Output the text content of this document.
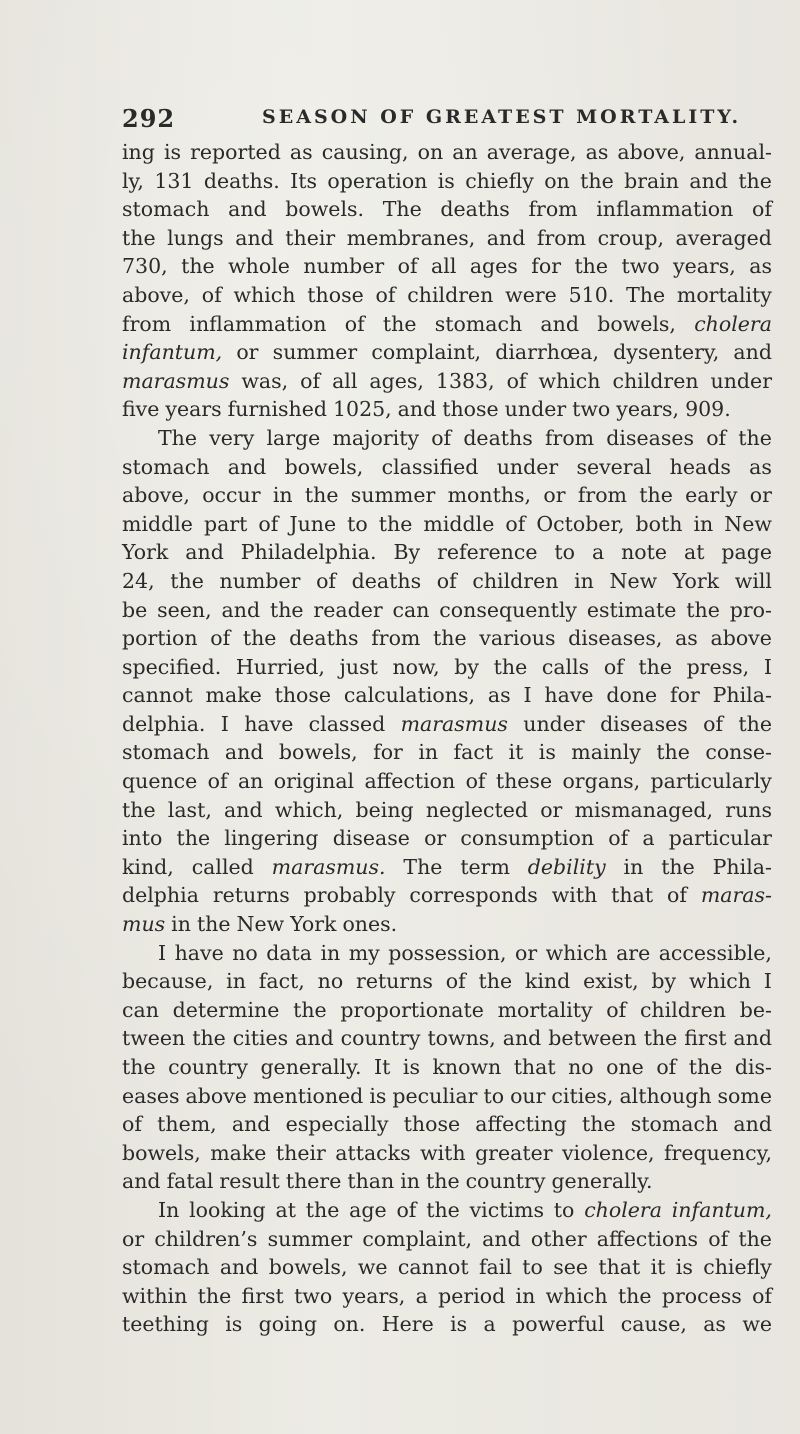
292	SEASON OF GREATEST MORTALITY.
ing is reported as causing, on an average, as above, annual-
ly, 131 deaths. Its operation is chiefly on the brain and the
stomach and bowels. The deaths from inflammation of
the lungs and their membranes, and from croup, averaged
730, the whole number of all ages for the two years, as
above, of which those of children were 510. The mortality
from inflammation of the stomach and bowels, cholera
infantum, or summer complaint, diarrhœa, dysentery, and
marasmus was, of all ages, 1383, of which children under
five years furnished 1025, and those under two years, 909.
The very large majority of deaths from diseases of the
stomach and bowels, classified under several heads as
above, occur in the summer months, or from the early or
middle part of June to the middle of October, both in New
York and Philadelphia. By reference to a note at page
24, the number of deaths of children in New York will
be seen, and the reader can consequently estimate the pro-
portion of the deaths from the various diseases, as above
specified. Hurried, just now, by the calls of the press, I
cannot make those calculations, as I have done for Phila-
delphia. I have classed marasmus under diseases of the
stomach and bowels, for in fact it is mainly the conse-
quence of an original affection of these organs, particularly
the last, and which, being neglected or mismanaged, runs
into the lingering disease or consumption of a particular
kind, called marasmus. The term debility in the Phila-
delphia returns probably corresponds with that of maras-
mus in the New York ones.
I have no data in my possession, or which are accessible,
because, in fact, no returns of the kind exist, by which I
can determine the proportionate mortality of children be-
tween the cities and country towns, and between the first and
the country generally. It is known that no one of the dis-
eases above mentioned is peculiar to our cities, although some
of them, and especially those affecting the stomach and
bowels, make their attacks with greater violence, frequency,
and fatal result there than in the country generally.
In looking at the age of the victims to cholera infantum,
or children’s summer complaint, and other affections of the
stomach and bowels, we cannot fail to see that it is chiefly
within the first two years, a period in which the process of
teething is going on. Here is a powerful cause, as we
